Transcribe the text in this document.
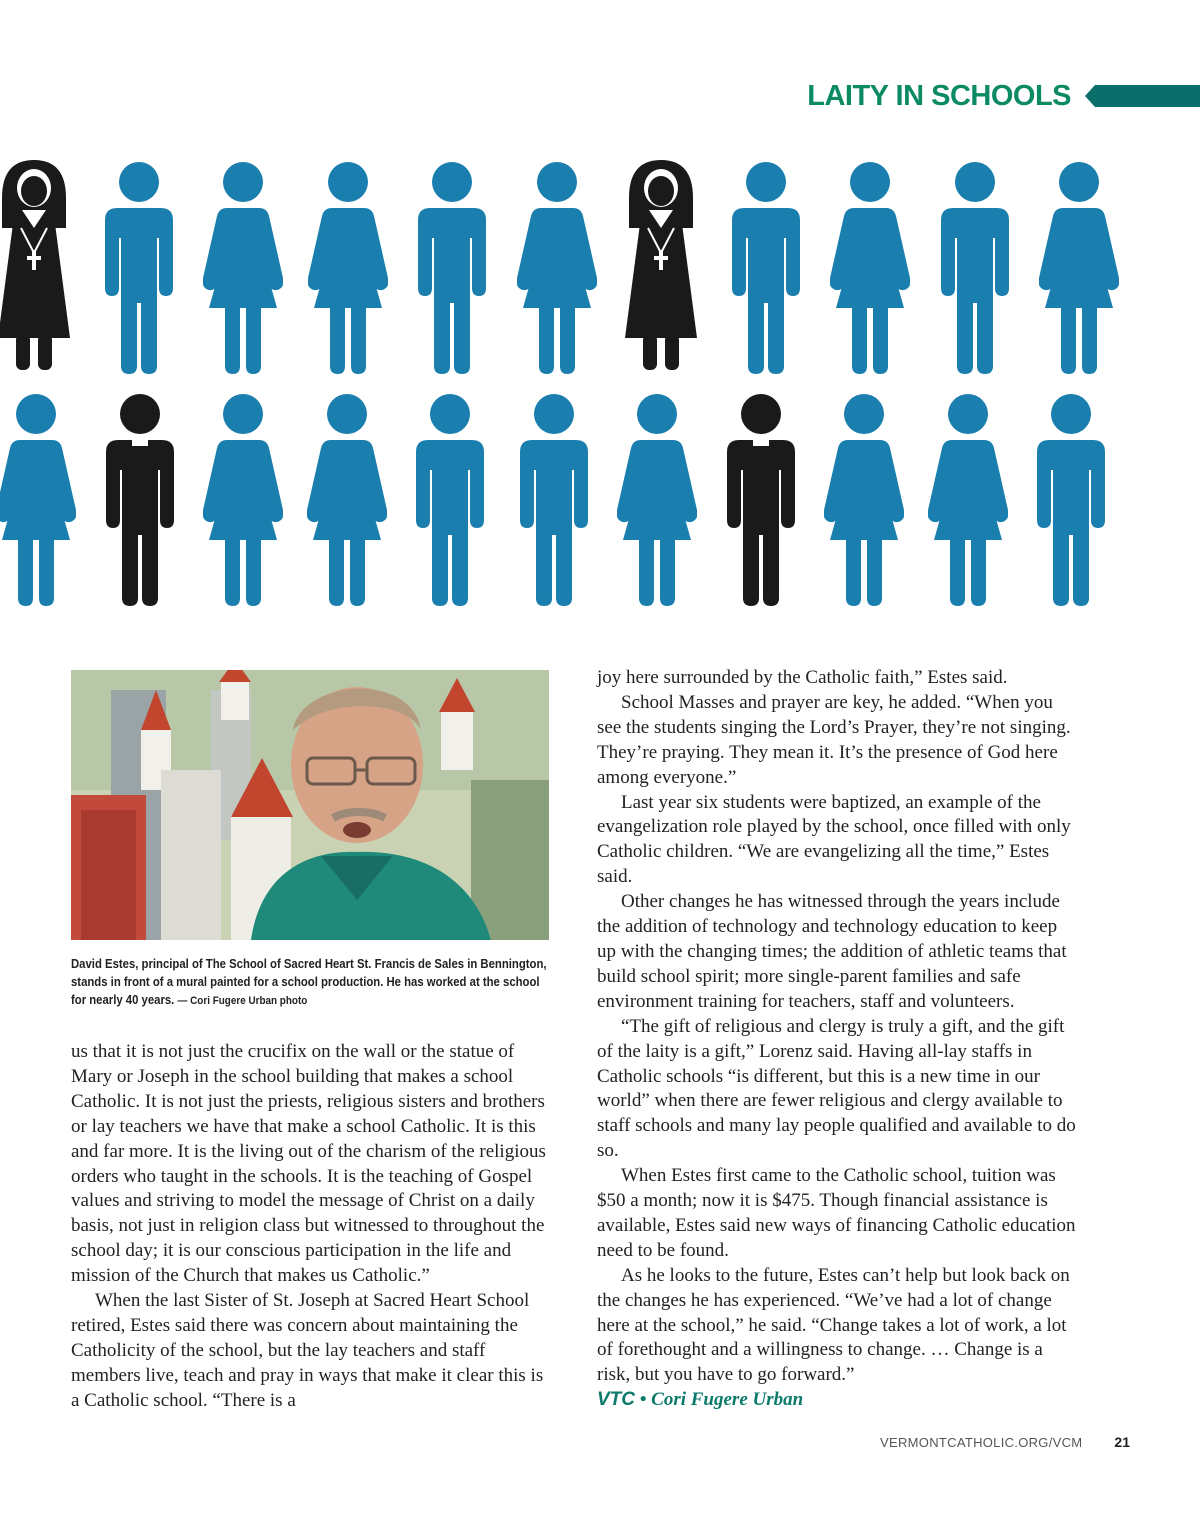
LAITY IN SCHOOLS
David Estes, principal of The School of Sacred Heart St. Francis de Sales in Bennington, stands in front of a mural painted for a school production. He has worked at the school for nearly 40 years. — Cori Fugere Urban photo

us that it is not just the crucifix on the wall or the statue of Mary or Joseph in the school building that makes a school Catholic. It is not just the priests, religious sisters and brothers or lay teachers we have that make a school Catholic. It is this and far more. It is the living out of the charism of the religious orders who taught in the schools. It is the teaching of Gospel values and striving to model the message of Christ on a daily basis, not just in religion class but witnessed to throughout the school day; it is our conscious participation in the life and mission of the Church that makes us Catholic.”

When the last Sister of St. Joseph at Sacred Heart School retired, Estes said there was concern about maintaining the Catholicity of the school, but the lay teachers and staff members live, teach and pray in ways that make it clear this is a Catholic school. “There is a

joy here surrounded by the Catholic faith,” Estes said.

School Masses and prayer are key, he added. “When you see the students singing the Lord’s Prayer, they’re not singing. They’re praying. They mean it. It’s the presence of God here among everyone.”

Last year six students were baptized, an example of the evangelization role played by the school, once filled with only Catholic children. “We are evangelizing all the time,” Estes said.

Other changes he has witnessed through the years include the addition of technology and technology education to keep up with the changing times; the addition of athletic teams that build school spirit; more single-parent families and safe environment training for teachers, staff and volunteers.

“The gift of religious and clergy is truly a gift, and the gift of the laity is a gift,” Lorenz said. Having all-lay staffs in Catholic schools “is different, but this is a new time in our world” when there are fewer religious and clergy available to staff schools and many lay people qualified and available to do so.

When Estes first came to the Catholic school, tuition was $50 a month; now it is $475. Though financial assistance is available, Estes said new ways of financing Catholic education need to be found.

As he looks to the future, Estes can’t help but look back on the changes he has experienced. “We’ve had a lot of change here at the school,” he said. “Change takes a lot of work, a lot of forethought and a willingness to change. … Change is a risk, but you have to go forward.”

VTC • Cori Fugere Urban

VERMONTCATHOLIC.ORG/VCM 21
